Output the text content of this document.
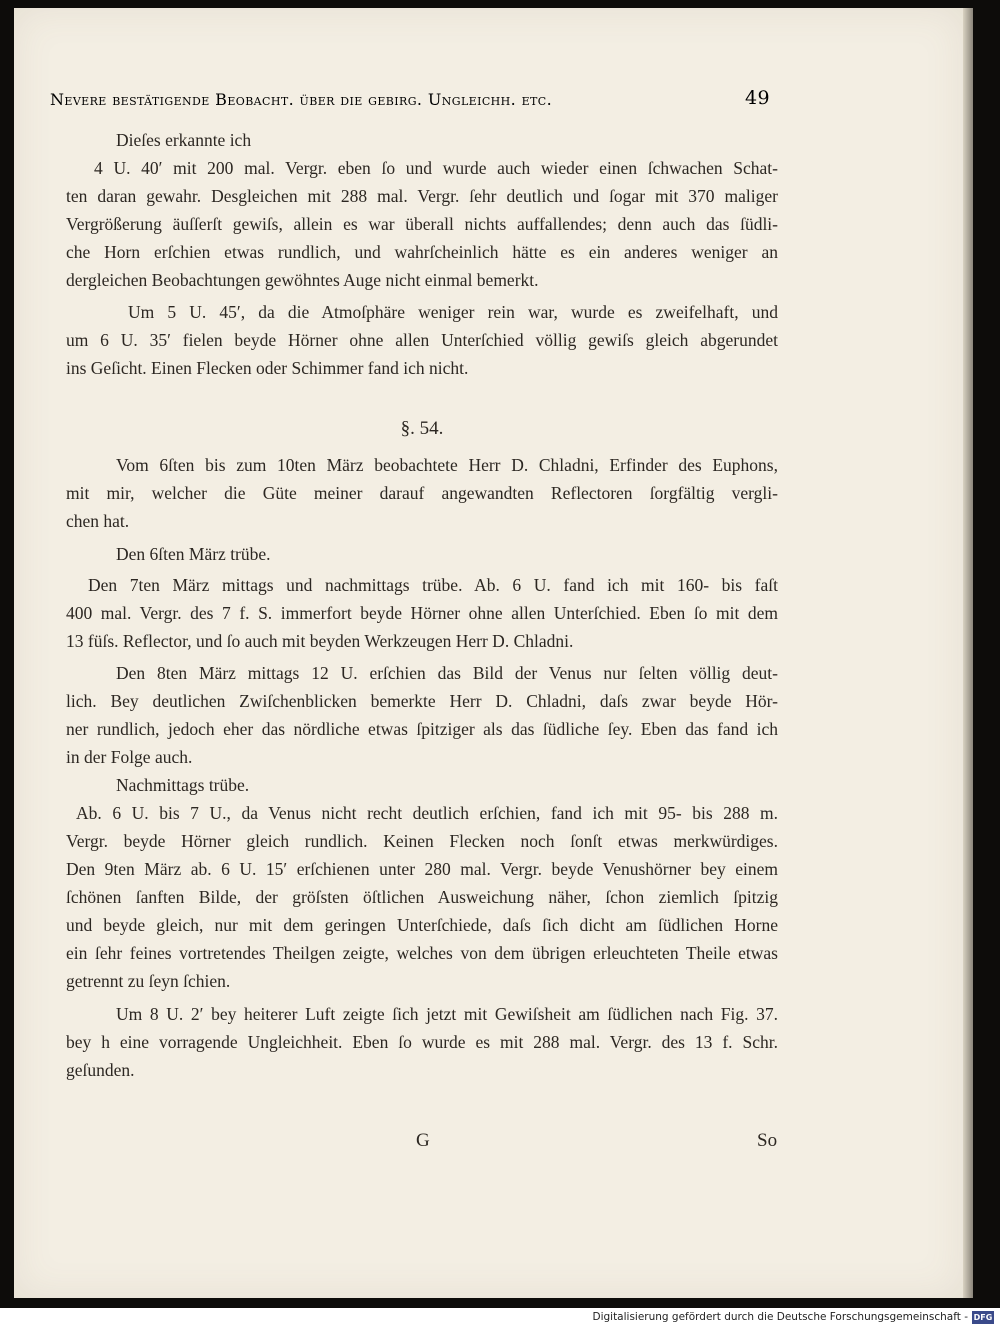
Nevere bestätigende Beobacht. über die gebirg. Ungleichh. etc.	49
Dieſes erkannte ich
4 U. 40′ mit 200 mal. Vergr. eben ſo und wurde auch wieder einen ſchwachen Schat-
ten daran gewahr. Desgleichen mit 288 mal. Vergr. ſehr deutlich und ſogar mit 370 maliger
Vergrößerung äuſſerſt gewiſs, allein es war überall nichts auffallendes; denn auch das ſüdli-
che Horn erſchien etwas rundlich, und wahrſcheinlich hätte es ein anderes weniger an
dergleichen Beobachtungen gewöhntes Auge nicht einmal bemerkt.
Um 5 U. 45′, da die Atmoſphäre weniger rein war, wurde es zweifelhaft, und
um 6 U. 35′ fielen beyde Hörner ohne allen Unterſchied völlig gewiſs gleich abgerundet
ins Geſicht. Einen Flecken oder Schimmer fand ich nicht.
§. 54.
Vom 6ſten bis zum 10ten März beobachtete Herr D. Chladni, Erfinder des Euphons,
mit mir, welcher die Güte meiner darauf angewandten Reflectoren ſorgfältig vergli-
chen hat.
Den 6ſten März trübe.
Den 7ten März mittags und nachmittags trübe. Ab. 6 U. fand ich mit 160- bis faſt
400 mal. Vergr. des 7 f. S. immerfort beyde Hörner ohne allen Unterſchied. Eben ſo mit dem
13 füſs. Reflector, und ſo auch mit beyden Werkzeugen Herr D. Chladni.
Den 8ten März mittags 12 U. erſchien das Bild der Venus nur ſelten völlig deut-
lich. Bey deutlichen Zwiſchenblicken bemerkte Herr D. Chladni, daſs zwar beyde Hör-
ner rundlich, jedoch eher das nördliche etwas ſpitziger als das ſüdliche ſey. Eben das fand ich
in der Folge auch.
Nachmittags trübe.
Ab. 6 U. bis 7 U., da Venus nicht recht deutlich erſchien, fand ich mit 95- bis 288 m.
Vergr. beyde Hörner gleich rundlich. Keinen Flecken noch ſonſt etwas merkwürdiges.
Den 9ten März ab. 6 U. 15′ erſchienen unter 280 mal. Vergr. beyde Venushörner bey einem
ſchönen ſanften Bilde, der gröſsten öſtlichen Ausweichung näher, ſchon ziemlich ſpitzig
und beyde gleich, nur mit dem geringen Unterſchiede, daſs ſich dicht am ſüdlichen Horne
ein ſehr feines vortretendes Theilgen zeigte, welches von dem übrigen erleuchteten Theile etwas
getrennt zu ſeyn ſchien.
Um 8 U. 2′ bey heiterer Luft zeigte ſich jetzt mit Gewiſsheit am ſüdlichen nach Fig. 37.
bey h eine vorragende Ungleichheit. Eben ſo wurde es mit 288 mal. Vergr. des 13 f. Schr.
geſunden.
G	So
Digitalisierung gefördert durch die Deutsche Forschungsgemeinschaft - DFG
